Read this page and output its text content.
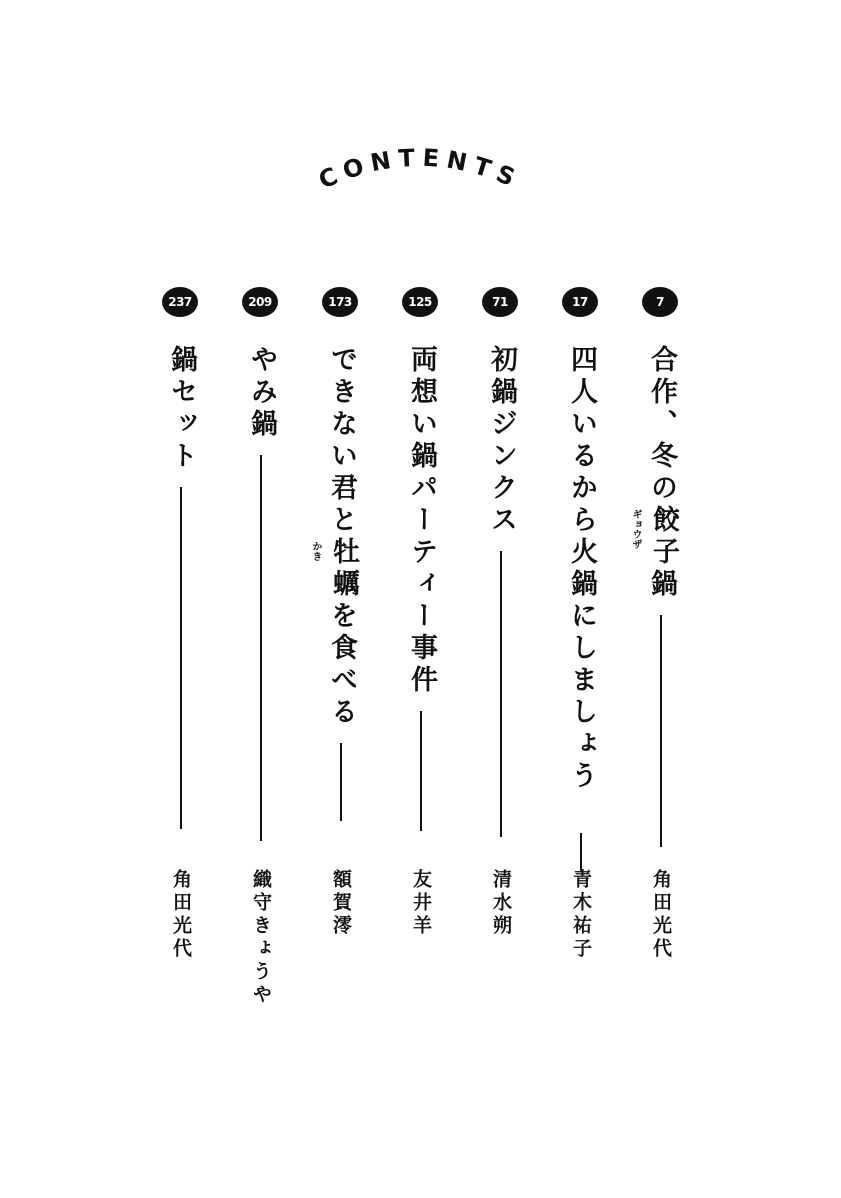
CONTENTS
7
合作、冬の
餃子
ギョウザ
鍋
角田光代
17
四人いるから火鍋にしましょう
青木祐子
71
初鍋ジンクス
清水朔
125
両想い鍋パーティー事件
友井羊
173
できない君と
牡蠣
かき
を食べる
額賀澪
209
やみ鍋
織守きょうや
237
鍋セット
角田光代
